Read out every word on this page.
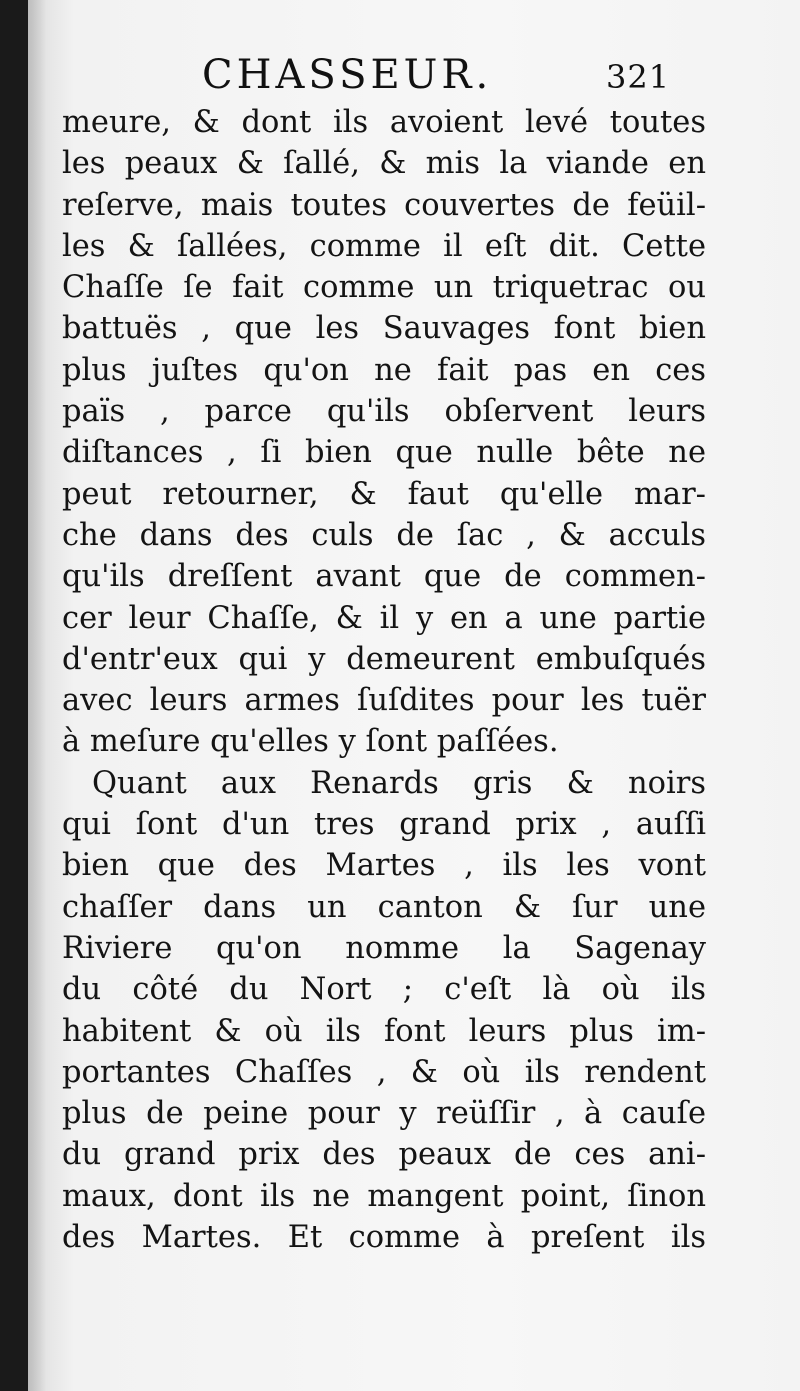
CHASSEUR.	321
meure, & dont ils avoient levé toutes
les peaux & ſallé, & mis la viande en
reſerve, mais toutes couvertes de feüil-
les & ſallées, comme il eſt dit. Cette
Chaſſe ſe fait comme un triquetrac ou
battuës , que les Sauvages font bien
plus juſtes qu'on ne fait pas en ces
païs , parce qu'ils obſervent leurs
diſtances , ſi bien que nulle bête ne
peut retourner, & faut qu'elle mar-
che dans des culs de ſac , & acculs
qu'ils dreſſent avant que de commen-
cer leur Chaſſe, & il y en a une partie
d'entr'eux qui y demeurent embuſqués
avec leurs armes ſuſdites pour les tuër
à meſure qu'elles y ſont paſſées.
Quant aux Renards gris & noirs
qui ſont d'un tres grand prix , auſſi
bien que des Martes , ils les vont
chaſſer dans un canton & ſur une
Riviere qu'on nomme la Sagenay
du côté du Nort ; c'eſt là où ils
habitent & où ils font leurs plus im-
portantes Chaſſes , & où ils rendent
plus de peine pour y reüſſir , à cauſe
du grand prix des peaux de ces ani-
maux, dont ils ne mangent point, ſinon
des Martes. Et comme à preſent ils
